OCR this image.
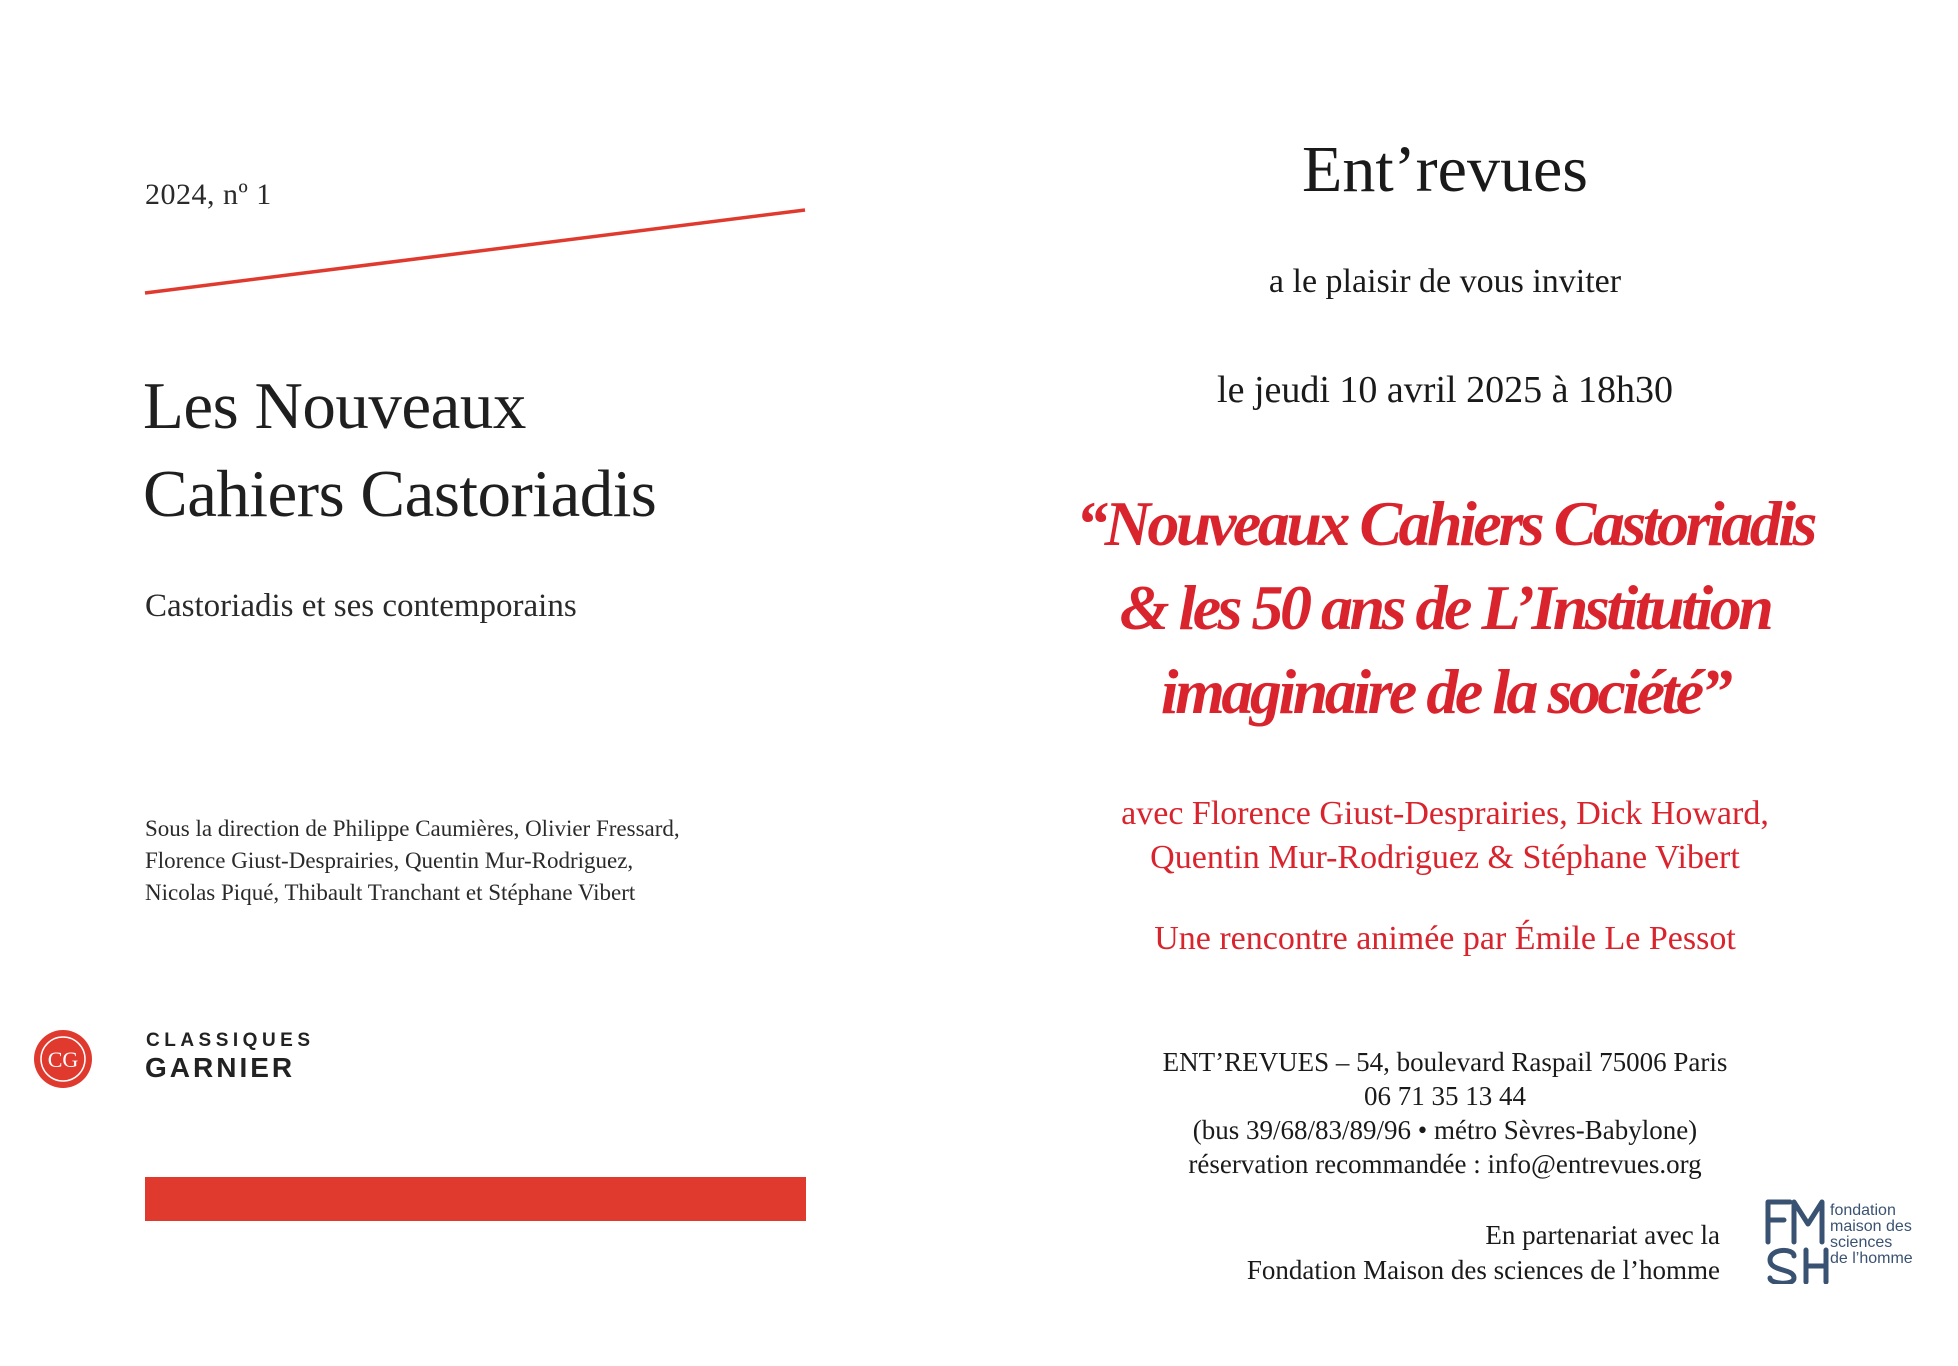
2024, nº 1
Les Nouveaux
Cahiers Castoriadis
Castoriadis et ses contemporains
Sous la direction de Philippe Caumières, Olivier Fressard,
Florence Giust-Desprairies, Quentin Mur-Rodriguez,
Nicolas Piqué, Thibault Tranchant et Stéphane Vibert
CG
CLASSIQUES
GARNIER
Ent’revues
a le plaisir de vous inviter
le jeudi 10 avril 2025 à 18h30
“Nouveaux Cahiers Castoriadis
& les 50 ans de L’Institution
imaginaire de la société”
avec Florence Giust-Desprairies, Dick Howard,
Quentin Mur-Rodriguez & Stéphane Vibert
Une rencontre animée par Émile Le Pessot
ENT’REVUES – 54, boulevard Raspail 75006 Paris
06 71 35 13 44
(bus 39/68/83/89/96 • métro Sèvres-Babylone)
réservation recommandée : info@entrevues.org
En partenariat avec la
Fondation Maison des sciences de l’homme
fondation
maison des
sciences
de l’homme
